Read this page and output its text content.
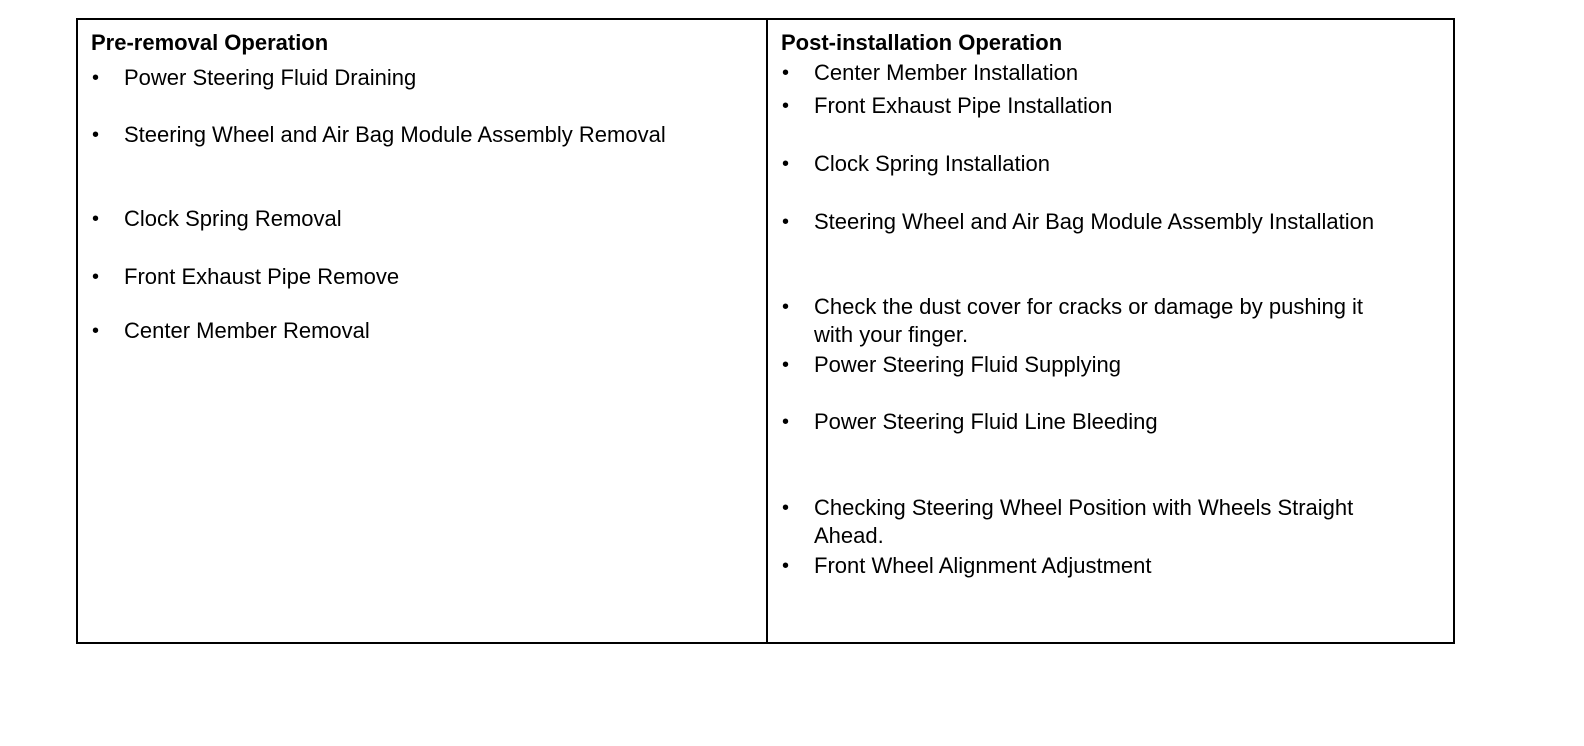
Pre-removal Operation
•	Power Steering Fluid Draining
•	Steering Wheel and Air Bag Module Assembly Removal
•	Clock Spring Removal
•	Front Exhaust Pipe Remove
•	Center Member Removal
Post-installation Operation
•	Center Member Installation
•	Front Exhaust Pipe Installation
•	Clock Spring Installation
•	Steering Wheel and Air Bag Module Assembly Installation
•	Check the dust cover for cracks or damage by pushing it
with your finger.
•	Power Steering Fluid Supplying
•	Power Steering Fluid Line Bleeding
•	Checking Steering Wheel Position with Wheels Straight
Ahead.
•	Front Wheel Alignment Adjustment
